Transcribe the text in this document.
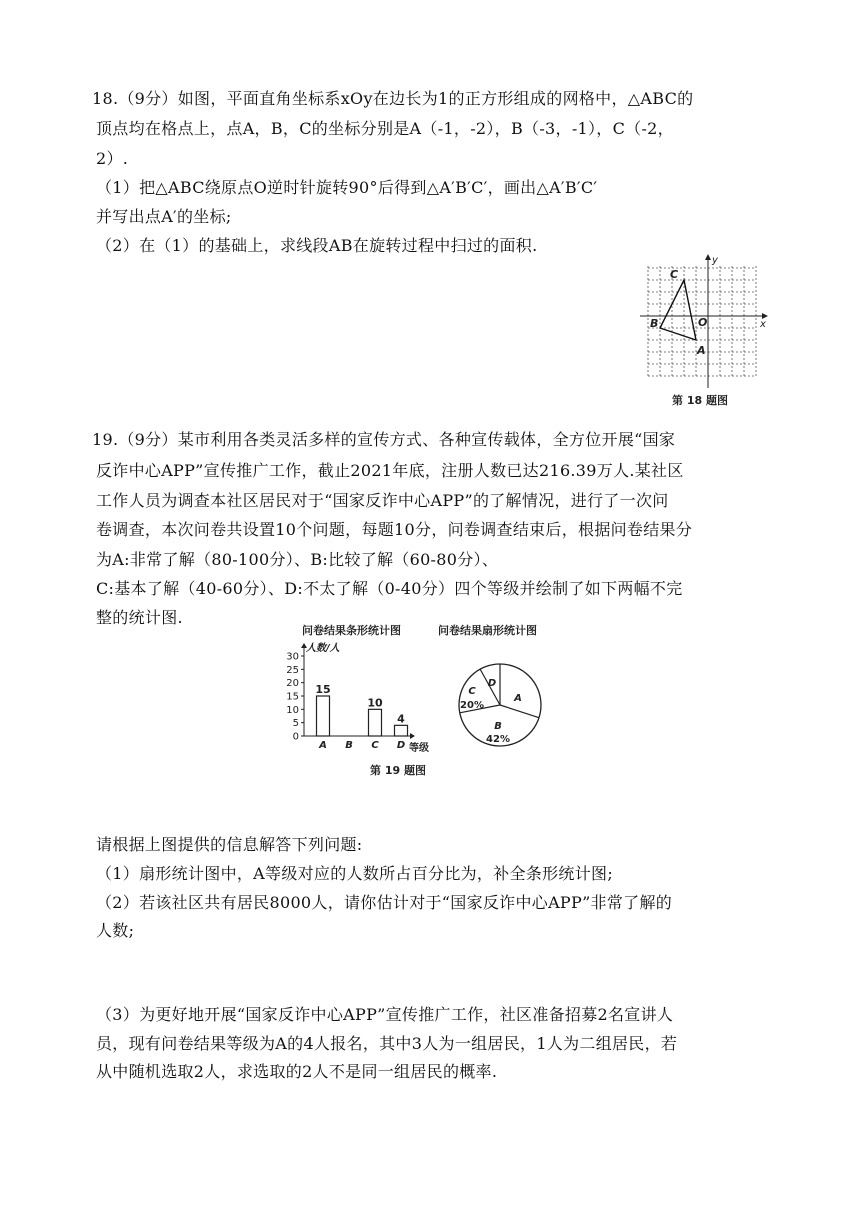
18.（9分）如图，平面直角坐标系xOy在边长为1的正方形组成的网格中，△ABC的
顶点均在格点上，点A，B，C的坐标分别是A（-1，-2），B（-3，-1），C（-2，
2）.
（1）把△ABC绕原点O逆时针旋转90°后得到△A′B′C′，画出△A′B′C′
并写出点A′的坐标;
（2）在（1）的基础上，求线段AB在旋转过程中扫过的面积.
x
y
C
B	O
A
第 18 题图
19.（9分）某市利用各类灵活多样的宣传方式、各种宣传载体，全方位开展“国家
反诈中心APP”宣传推广工作，截止2021年底，注册人数已达216.39万人.某社区
工作人员为调查本社区居民对于“国家反诈中心APP”的了解情况，进行了一次问
卷调查，本次问卷共设置10个问题，每题10分，问卷调查结束后，根据问卷结果分
为A:非常了解（80-100分）、B:比较了解（60-80分）、
C:基本了解（40-60分）、D:不太了解（0-40分）四个等级并绘制了如下两幅不完
整的统计图.
问卷结果条形统计图	问卷结果扇形统计图
人数/人
等级
0
5
10
15
20
25
30
15
A B
10
C
4
D
A
B
42%
C
20%
D
第 19 题图
请根据上图提供的信息解答下列问题:
（1）扇形统计图中，A等级对应的人数所占百分比为，补全条形统计图;
（2）若该社区共有居民8000人，请你估计对于“国家反诈中心APP”非常了解的
人数;
（3）为更好地开展“国家反诈中心APP”宣传推广工作，社区准备招募2名宣讲人
员，现有问卷结果等级为A的4人报名，其中3人为一组居民，1人为二组居民，若
从中随机选取2人，求选取的2人不是同一组居民的概率.
